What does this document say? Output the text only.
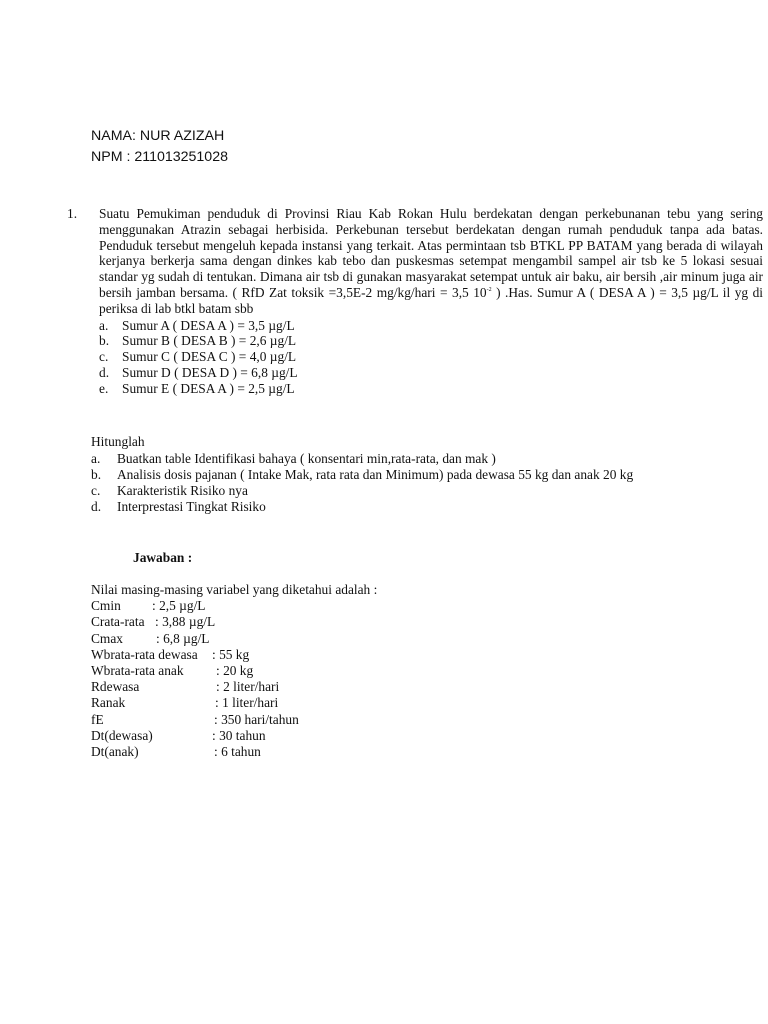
NAMA: NUR AZIZAH
NPM : 211013251028
1. Suatu Pemukiman penduduk di Provinsi Riau Kab Rokan Hulu berdekatan dengan perkebunanan tebu yang sering menggunakan Atrazin sebagai herbisida. Perkebunan tersebut berdekatan dengan rumah penduduk tanpa ada batas. Penduduk tersebut mengeluh kepada instansi yang terkait. Atas permintaan tsb BTKL PP BATAM yang berada di wilayah kerjanya berkerja sama dengan dinkes kab tebo dan puskesmas setempat mengambil sampel air tsb ke 5 lokasi sesuai standar yg sudah di tentukan. Dimana air tsb di gunakan masyarakat setempat untuk air baku, air bersih ,air minum juga air bersih jamban bersama. ( RfD Zat toksik =3,5E-2 mg/kg/hari = 3,5 $10^{-2}$ ) .Has. Sumur A ( DESA A ) = 3,5 µg/L il yg di periksa di lab btkl batam sbb

a.	Sumur A ( DESA A ) = 3,5 µg/L
b. Sumur B ( DESA B ) = 2,6 µg/L
c.	Sumur C ( DESA C ) = 4,0 µg/L
d. Sumur D ( DESA D ) = 6,8 µg/L
e.	Sumur E ( DESA A ) = 2,5 µg/L
Hitunglah
a.	Buatkan table Identifikasi bahaya ( konsentari min,rata-rata, dan mak )
b.	Analisis dosis pajanan ( Intake Mak, rata rata dan Minimum) pada dewasa 55 kg dan anak 20 kg
c.	Karakteristik Risiko nya
d.	Interprestasi Tingkat Risiko
Jawaban :
Nilai masing-masing variabel yang diketahui adalah :
Cmin : 2,5 µg/L
Crata-rata : 3,88 µg/L
Cmax : 6,8 µg/L
Wbrata-rata dewasa : 55 kg
Wbrata-rata anak : 20 kg
Rdewasa	: 2 liter/hari
Ranak	: 1 liter/hari
fE	: 350 hari/tahun
Dt(dewasa)	: 30 tahun
Dt(anak)	: 6 tahun
